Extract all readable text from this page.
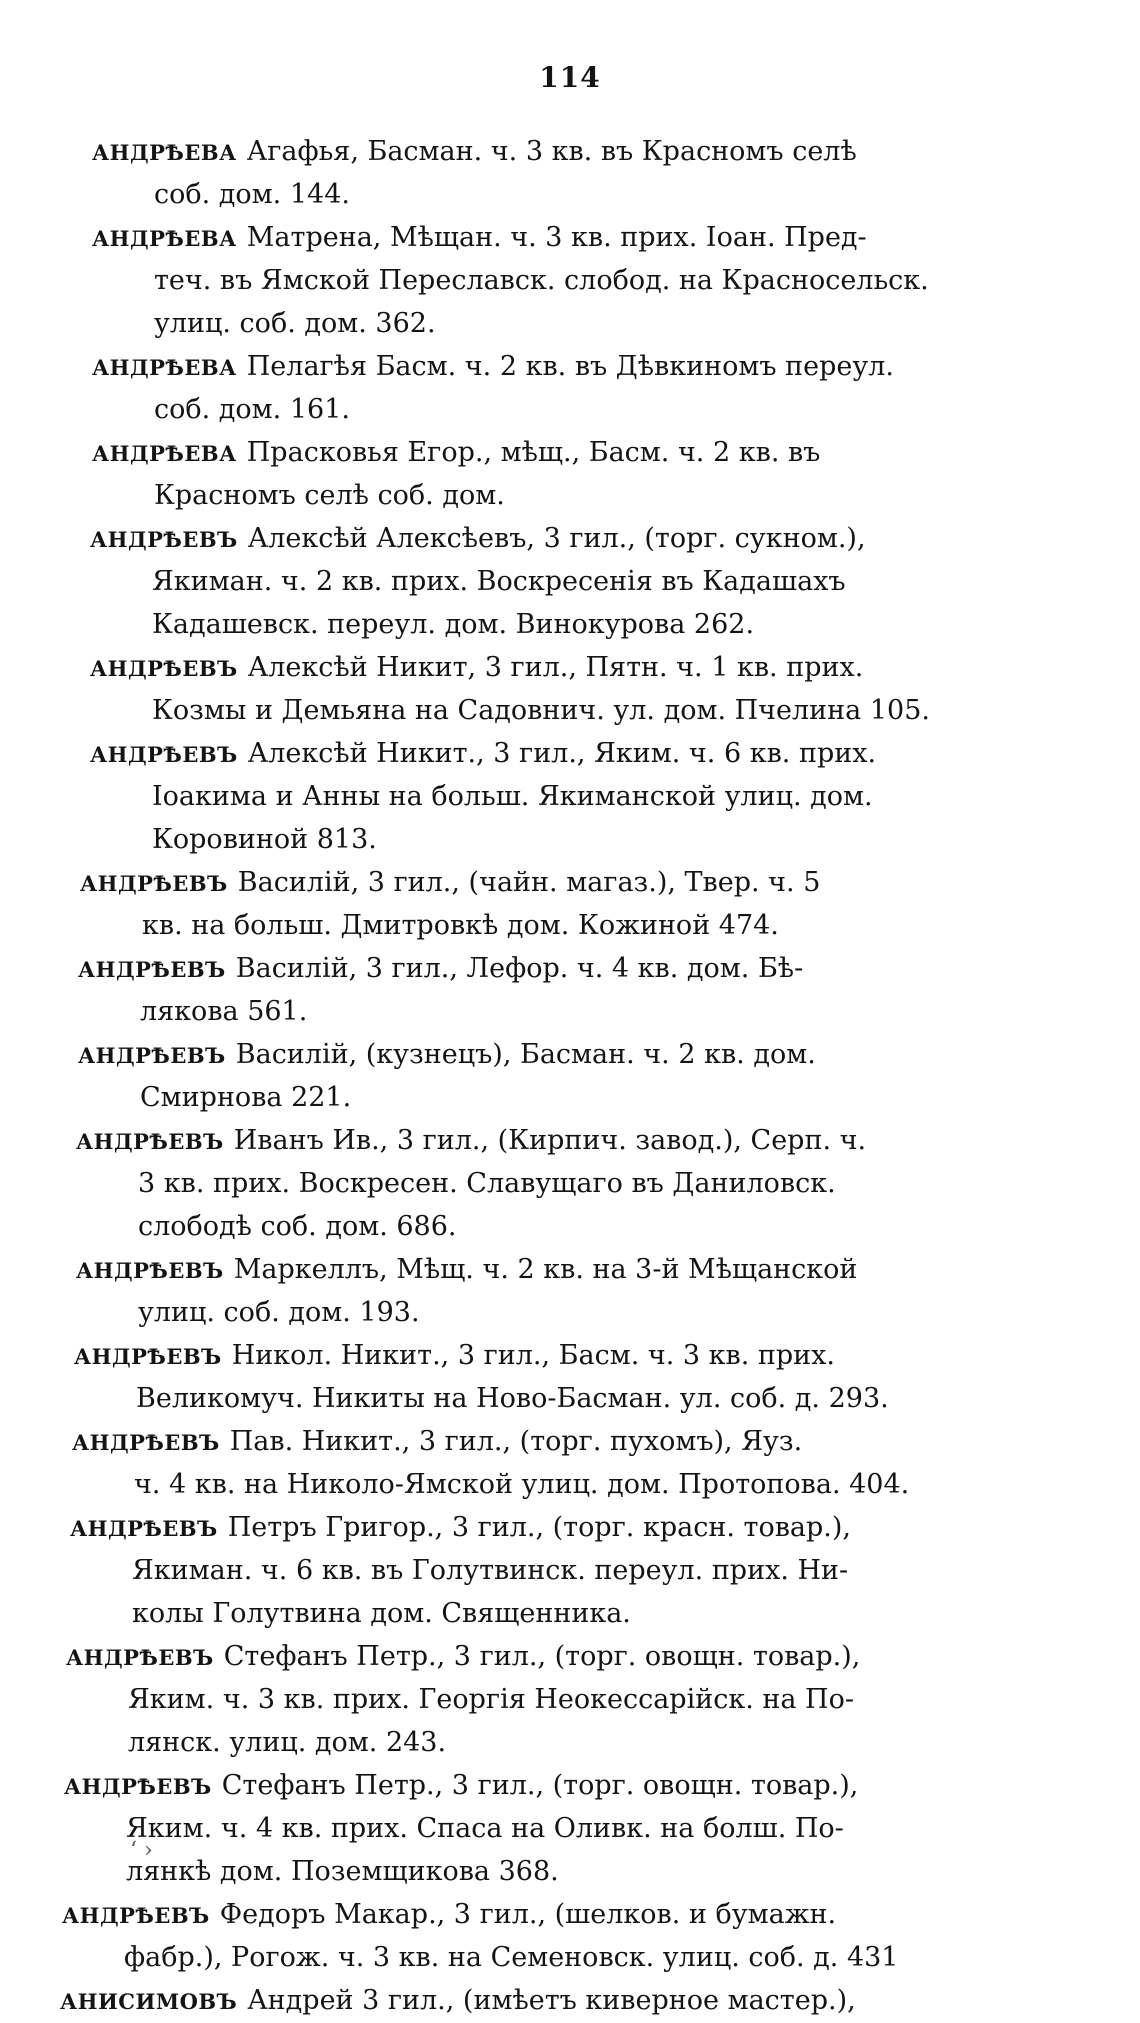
114
АНДРѢЕВА Агафья, Басман. ч. 3 кв. въ Красномъ селѣ
соб. дом. 144.
АНДРѢЕВА Матрена, Мѣщан. ч. 3 кв. прих. Іоан. Пред-
теч. въ Ямской Переславск. слобод. на Красносельск.
улиц. соб. дом. 362.
АНДРѢЕВА Пелагѣя Басм. ч. 2 кв. въ Дѣвкиномъ переул.
соб. дом. 161.
АНДРѢЕВА Прасковья Егор., мѣщ., Басм. ч. 2 кв. въ
Красномъ селѣ соб. дом.
АНДРѢЕВЪ Алексѣй Алексѣевъ, 3 гил., (торг. сукном.),
Якиман. ч. 2 кв. прих. Воскресенія въ Кадашахъ
Кадашевск. переул. дом. Винокурова 262.
АНДРѢЕВЪ Алексѣй Никит, 3 гил., Пятн. ч. 1 кв. прих.
Козмы и Демьяна на Садовнич. ул. дом. Пчелина 105.
АНДРѢЕВЪ Алексѣй Никит., 3 гил., Яким. ч. 6 кв. прих.
Іоакима и Анны на больш. Якиманской улиц. дом.
Коровиной 813.
АНДРѢЕВЪ Василій, 3 гил., (чайн. магаз.), Твер. ч. 5
кв. на больш. Дмитровкѣ дом. Кожиной 474.
АНДРѢЕВЪ Василій, 3 гил., Лефор. ч. 4 кв. дом. Бѣ-
лякова 561.
АНДРѢЕВЪ Василій, (кузнецъ), Басман. ч. 2 кв. дом.
Смирнова 221.
АНДРѢЕВЪ Иванъ Ив., 3 гил., (Кирпич. завод.), Серп. ч.
3 кв. прих. Воскресен. Славущаго въ Даниловск.
слободѣ соб. дом. 686.
АНДРѢЕВЪ Маркеллъ, Мѣщ. ч. 2 кв. на 3-й Мѣщанской
улиц. соб. дом. 193.
АНДРѢЕВЪ Никол. Никит., 3 гил., Басм. ч. 3 кв. прих.
Великомуч. Никиты на Ново-Басман. ул. соб. д. 293.
АНДРѢЕВЪ Пав. Никит., 3 гил., (торг. пухомъ), Яуз.
ч. 4 кв. на Николо-Ямской улиц. дом. Протопова. 404.
АНДРѢЕВЪ Петръ Григор., 3 гил., (торг. красн. товар.),
Якиман. ч. 6 кв. въ Голутвинск. переул. прих. Ни-
колы Голутвина дом. Священника.
АНДРѢЕВЪ Стефанъ Петр., 3 гил., (торг. овощн. товар.),
Яким. ч. 3 кв. прих. Георгія Неокессарійск. на По-
лянск. улиц. дом. 243.
АНДРѢЕВЪ Стефанъ Петр., 3 гил., (торг. овощн. товар.),
Яким. ч. 4 кв. прих. Спаса на Оливк. на болш. По-
лянкѣ дом. Поземщикова 368.
АНДРѢЕВЪ Федоръ Макар., 3 гил., (шелков. и бумажн.
фабр.), Рогож. ч. 3 кв. на Семеновск. улиц. соб. д. 431
АНИСИМОВЪ Андрей 3 гил., (имѣетъ киверное мастер.),
‘ ›
